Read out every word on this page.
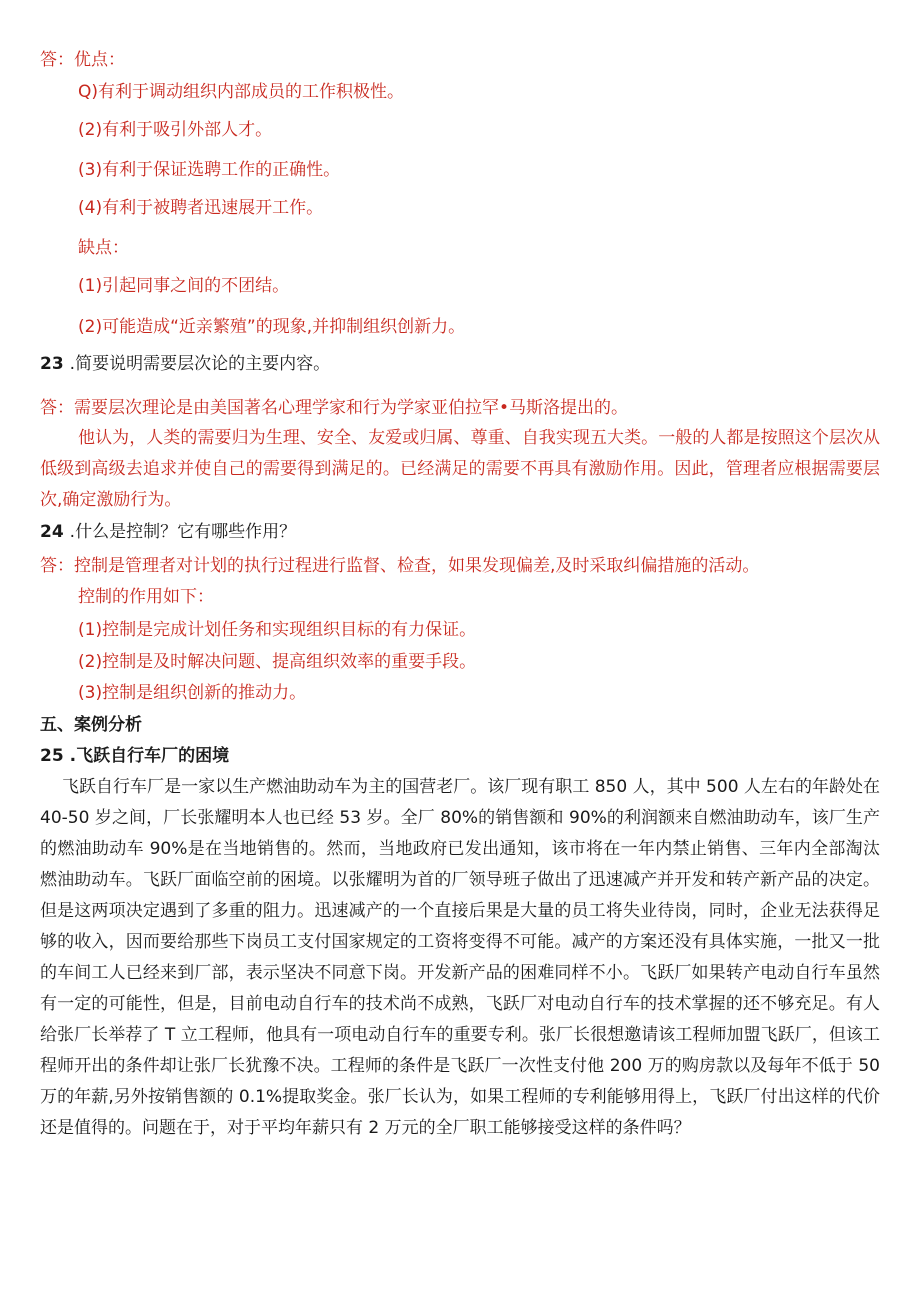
答：优点：
Q)有利于调动组织内部成员的工作积极性。
(2)有利于吸引外部人才。
(3)有利于保证选聘工作的正确性。
(4)有利于被聘者迅速展开工作。
缺点：
(1)引起同事之间的不团结。
(2)可能造成“近亲繁殖”的现象,并抑制组织创新力。
23 .简要说明需要层次论的主要内容。
答：需要层次理论是由美国著名心理学家和行为学家亚伯拉罕•马斯洛提出的。
他认为，人类的需要归为生理、安全、友爱或归属、尊重、自我实现五大类。一般的人都是按照这个层次从低级到高级去追求并使自己的需要得到满足的。已经满足的需要不再具有激励作用。因此，管理者应根据需要层次,确定激励行为。
24 .什么是控制？它有哪些作用？
答：控制是管理者对计划的执行过程进行监督、检查，如果发现偏差,及时采取纠偏措施的活动。
控制的作用如下：
(1)控制是完成计划任务和实现组织目标的有力保证。
(2)控制是及时解决问题、提高组织效率的重要手段。
(3)控制是组织创新的推动力。
五、案例分析
25 .飞跃自行车厂的困境
飞跃自行车厂是一家以生产燃油助动车为主的国营老厂。该厂现有职工 850 人，其中 500 人左右的年龄处在 40-50 岁之间，厂长张耀明本人也已经 53 岁。全厂 80%的销售额和 90%的利润额来自燃油助动车，该厂生产的燃油助动车 90%是在当地销售的。然而，当地政府已发出通知，该市将在一年内禁止销售、三年内全部淘汰燃油助动车。飞跃厂面临空前的困境。以张耀明为首的厂领导班子做出了迅速减产并开发和转产新产品的决定。但是这两项决定遇到了多重的阻力。迅速减产的一个直接后果是大量的员工将失业待岗，同时，企业无法获得足够的收入，因而要给那些下岗员工支付国家规定的工资将变得不可能。减产的方案还没有具体实施，一批又一批的车间工人已经来到厂部，表示坚决不同意下岗。开发新产品的困难同样不小。飞跃厂如果转产电动自行车虽然有一定的可能性，但是，目前电动自行车的技术尚不成熟，飞跃厂对电动自行车的技术掌握的还不够充足。有人给张厂长举荐了 T 立工程师，他具有一项电动自行车的重要专利。张厂长很想邀请该工程师加盟飞跃厂，但该工程师开出的条件却让张厂长犹豫不决。工程师的条件是飞跃厂一次性支付他 200 万的购房款以及每年不低于 50 万的年薪,另外按销售额的 0.1%提取奖金。张厂长认为，如果工程师的专利能够用得上，飞跃厂付出这样的代价还是值得的。问题在于，对于平均年薪只有 2 万元的全厂职工能够接受这样的条件吗？
